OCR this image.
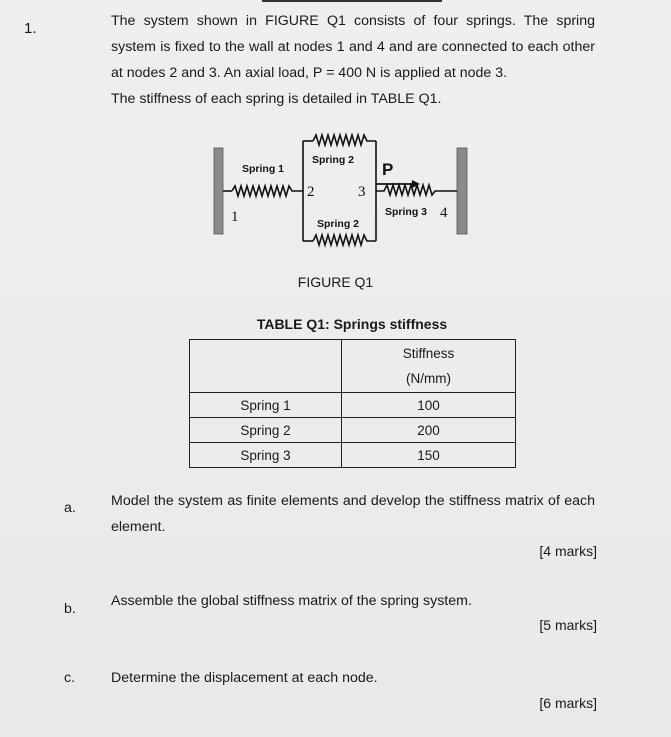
1.	The system shown in FIGURE Q1 consists of four springs. The spring system is fixed to the wall at nodes 1 and 4 and are connected to each other at nodes 2 and 3. An axial load, P = 400 N is applied at node 3.

The stiffness of each spring is detailed in TABLE Q1.

Spring 1
Spring 2
Spring 2
Spring 3
P
1
2	3
4
FIGURE Q1
TABLE Q1: Springs stiffness

	Stiffness
(N/mm)

Spring 1	100
Spring 2	200
Spring 3	150
a. Model the system as finite elements and develop the stiffness matrix of each element.
[4 marks]
b. Assemble the global stiffness matrix of the spring system.
[5 marks]
c.	Determine the displacement at each node.
[6 marks]
